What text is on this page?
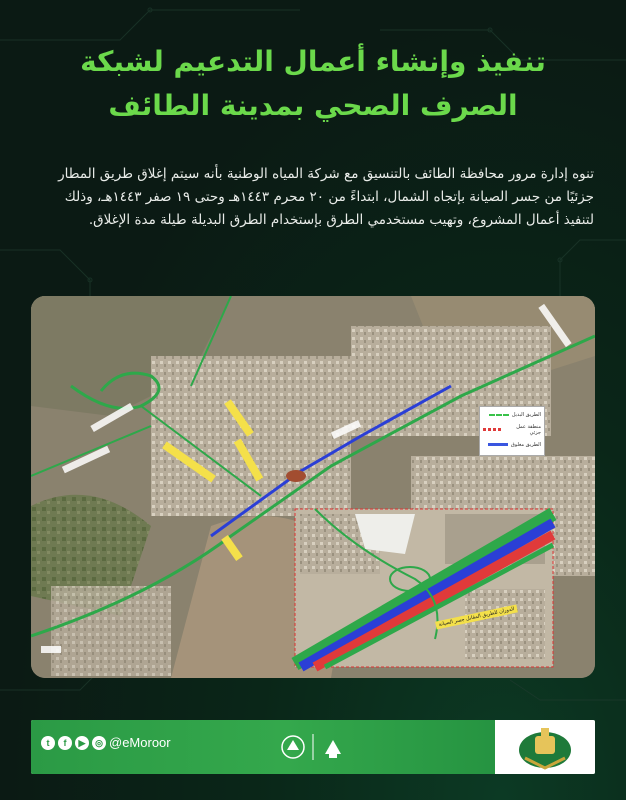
تنفيذ وإنشاء أعمال التدعيم لشبكة
الصرف الصحي بمدينة الطائف
تنوه إدارة مرور محافظة الطائف بالتنسيق مع شركة المياه الوطنية بأنه سيتم إغلاق طريق المطار جزئيًا من جسر الصيانة بإتجاه الشمال، ابتداءً من ٢٠ محرم ١٤٤٣هـ وحتى ١٩ صفر ١٤٤٣هـ، وذلك لتنفيذ أعمال المشروع، وتهيب مستخدمي الطرق بإستخدام الطرق البديلة طيلة مدة الإغلاق.
الطريق البديل
منطقة عمل جزئي
الطريق مغلوق
الدوران للطريق المقابل جسر الصيانة
t	f	▶	◎ @eMoroor
